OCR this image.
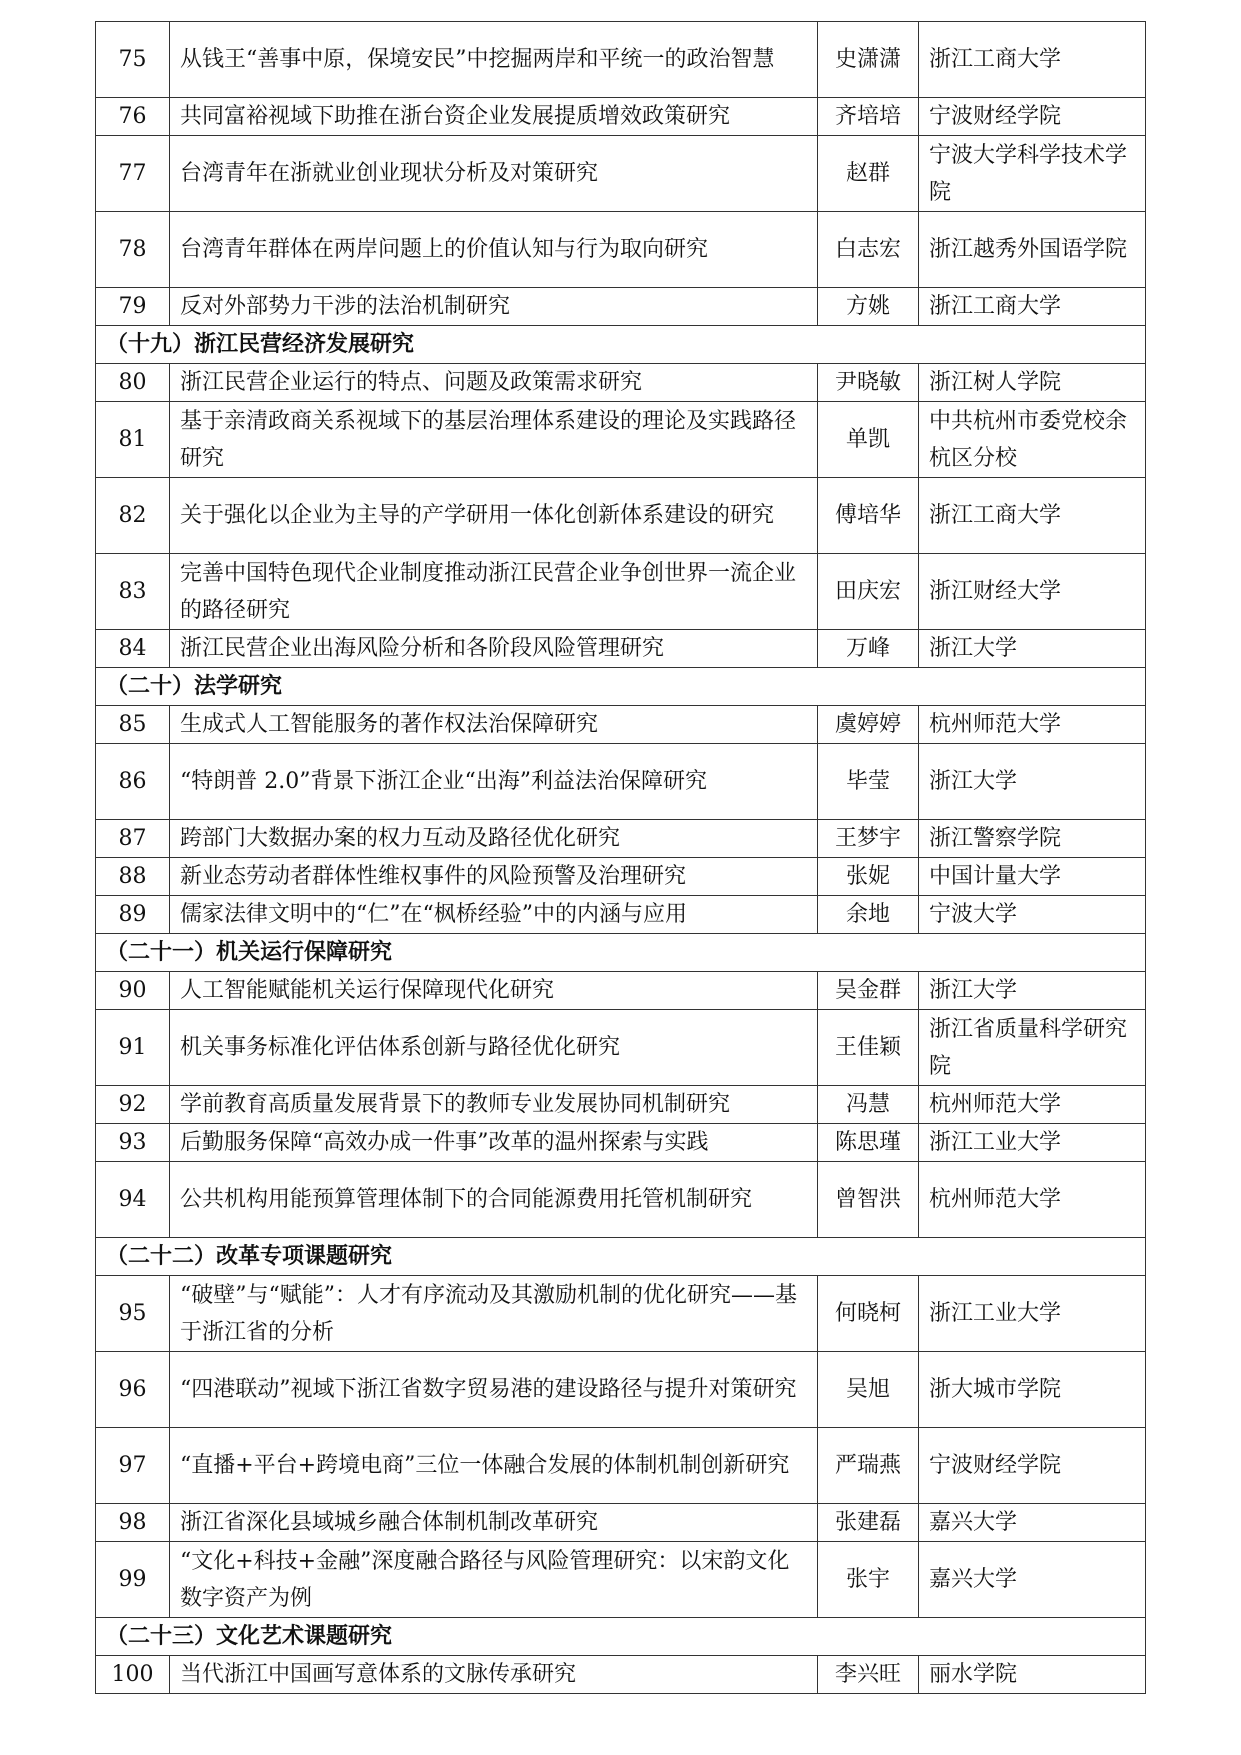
75	从钱王“善事中原，保境安民”中挖掘两岸和平统一的政治智慧	史潇潇	浙江工商大学
76	共同富裕视域下助推在浙台资企业发展提质增效政策研究	齐培培	宁波财经学院
77	台湾青年在浙就业创业现状分析及对策研究	赵群	宁波大学科学技术学院
78	台湾青年群体在两岸问题上的价值认知与行为取向研究	白志宏	浙江越秀外国语学院
79	反对外部势力干涉的法治机制研究	方姚	浙江工商大学
（十九）浙江民营经济发展研究			
80	浙江民营企业运行的特点、问题及政策需求研究	尹晓敏	浙江树人学院
81	基于亲清政商关系视域下的基层治理体系建设的理论及实践路径研究	单凯	中共杭州市委党校余杭区分校
82	关于强化以企业为主导的产学研用一体化创新体系建设的研究	傅培华	浙江工商大学
83	完善中国特色现代企业制度推动浙江民营企业争创世界一流企业的路径研究	田庆宏	浙江财经大学
84	浙江民营企业出海风险分析和各阶段风险管理研究	万峰	浙江大学
（二十）法学研究			
85	生成式人工智能服务的著作权法治保障研究	虞婷婷	杭州师范大学
86	“特朗普 2.0”背景下浙江企业“出海”利益法治保障研究	毕莹	浙江大学
87	跨部门大数据办案的权力互动及路径优化研究	王梦宇	浙江警察学院
88	新业态劳动者群体性维权事件的风险预警及治理研究	张妮	中国计量大学
89	儒家法律文明中的“仁”在“枫桥经验”中的内涵与应用	余地	宁波大学
（二十一）机关运行保障研究			
90	人工智能赋能机关运行保障现代化研究	吴金群	浙江大学
91	机关事务标准化评估体系创新与路径优化研究	王佳颖	浙江省质量科学研究院
92	学前教育高质量发展背景下的教师专业发展协同机制研究	冯慧	杭州师范大学
93	后勤服务保障“高效办成一件事”改革的温州探索与实践	陈思瑾	浙江工业大学
94	公共机构用能预算管理体制下的合同能源费用托管机制研究	曾智洪	杭州师范大学
（二十二）改革专项课题研究			
95	“破壁”与“赋能”：人才有序流动及其激励机制的优化研究——基于浙江省的分析	何晓柯	浙江工业大学
96	“四港联动”视域下浙江省数字贸易港的建设路径与提升对策研究	吴旭	浙大城市学院
97	“直播+平台+跨境电商”三位一体融合发展的体制机制创新研究	严瑞燕	宁波财经学院
98	浙江省深化县域城乡融合体制机制改革研究	张建磊	嘉兴大学
99	“文化+科技+金融”深度融合路径与风险管理研究：以宋韵文化数字资产为例	张宇	嘉兴大学
（二十三）文化艺术课题研究			
100	当代浙江中国画写意体系的文脉传承研究	李兴旺	丽水学院
